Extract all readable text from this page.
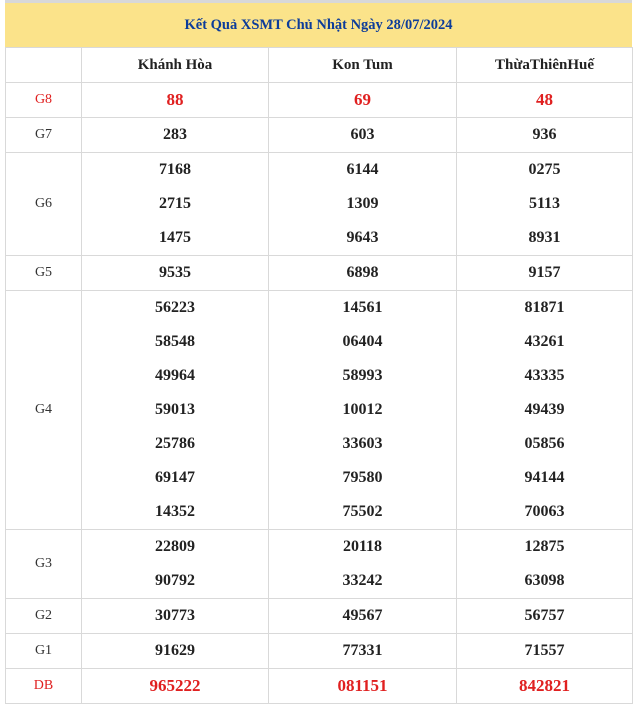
Kết Quả XSMT Chủ Nhật Ngày 28/07/2024
	Khánh Hòa	Kon Tum	ThừaThiênHuế
G8	88	69	48
G7	283	603	936
G6	7168	6144	0275
	2715	1309	5113
	1475	9643	8931
G5	9535	6898	9157
G4	56223	14561	81871
	58548	06404	43261
	49964	58993	43335
	59013	10012	49439
	25786	33603	05856
	69147	79580	94144
	14352	75502	70063
G3	22809	20118	12875
	90792	33242	63098
G2	30773	49567	56757
G1	91629	77331	71557
DB	965222	081151	842821
